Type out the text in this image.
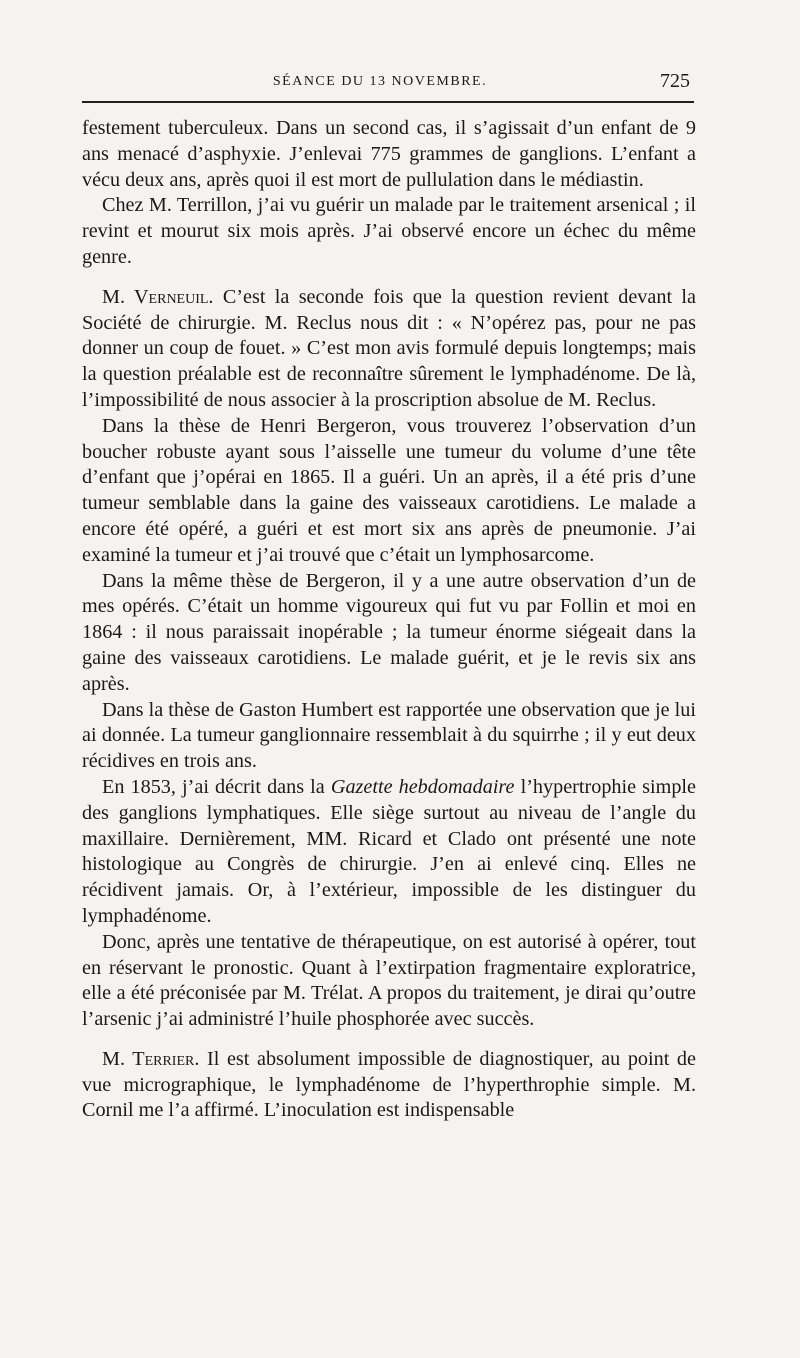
SÉANCE DU 13 NOVEMBRE.	725

festement tuberculeux. Dans un second cas, il s’agissait d’un enfant de 9 ans menacé d’asphyxie. J’enlevai 775 grammes de ganglions. L’enfant a vécu deux ans, après quoi il est mort de pullulation dans le médiastin.

Chez M. Terrillon, j’ai vu guérir un malade par le traitement arsenical ; il revint et mourut six mois après. J’ai observé encore un échec du même genre.

M. Verneuil. C’est la seconde fois que la question revient devant la Société de chirurgie. M. Reclus nous dit : « N’opérez pas, pour ne pas donner un coup de fouet. » C’est mon avis formulé depuis longtemps; mais la question préalable est de reconnaître sûrement le lymphadénome. De là, l’impossibilité de nous associer à la proscription absolue de M. Reclus.

Dans la thèse de Henri Bergeron, vous trouverez l’observation d’un boucher robuste ayant sous l’aisselle une tumeur du volume d’une tête d’enfant que j’opérai en 1865. Il a guéri. Un an après, il a été pris d’une tumeur semblable dans la gaine des vaisseaux carotidiens. Le malade a encore été opéré, a guéri et est mort six ans après de pneumonie. J’ai examiné la tumeur et j’ai trouvé que c’était un lymphosarcome.

Dans la même thèse de Bergeron, il y a une autre observation d’un de mes opérés. C’était un homme vigoureux qui fut vu par Follin et moi en 1864 : il nous paraissait inopérable ; la tumeur énorme siégeait dans la gaine des vaisseaux carotidiens. Le malade guérit, et je le revis six ans après.

Dans la thèse de Gaston Humbert est rapportée une observation que je lui ai donnée. La tumeur ganglionnaire ressemblait à du squirrhe ; il y eut deux récidives en trois ans.

En 1853, j’ai décrit dans la Gazette hebdomadaire l’hypertrophie simple des ganglions lymphatiques. Elle siège surtout au niveau de l’angle du maxillaire. Dernièrement, MM. Ricard et Clado ont présenté une note histologique au Congrès de chirurgie. J’en ai enlevé cinq. Elles ne récidivent jamais. Or, à l’extérieur, impossible de les distinguer du lymphadénome.

Donc, après une tentative de thérapeutique, on est autorisé à opérer, tout en réservant le pronostic. Quant à l’extirpation fragmentaire exploratrice, elle a été préconisée par M. Trélat. A propos du traitement, je dirai qu’outre l’arsenic j’ai administré l’huile phosphorée avec succès.

M. Terrier. Il est absolument impossible de diagnostiquer, au point de vue micrographique, le lymphadénome de l’hyperthrophie simple. M. Cornil me l’a affirmé. L’inoculation est indispensable
